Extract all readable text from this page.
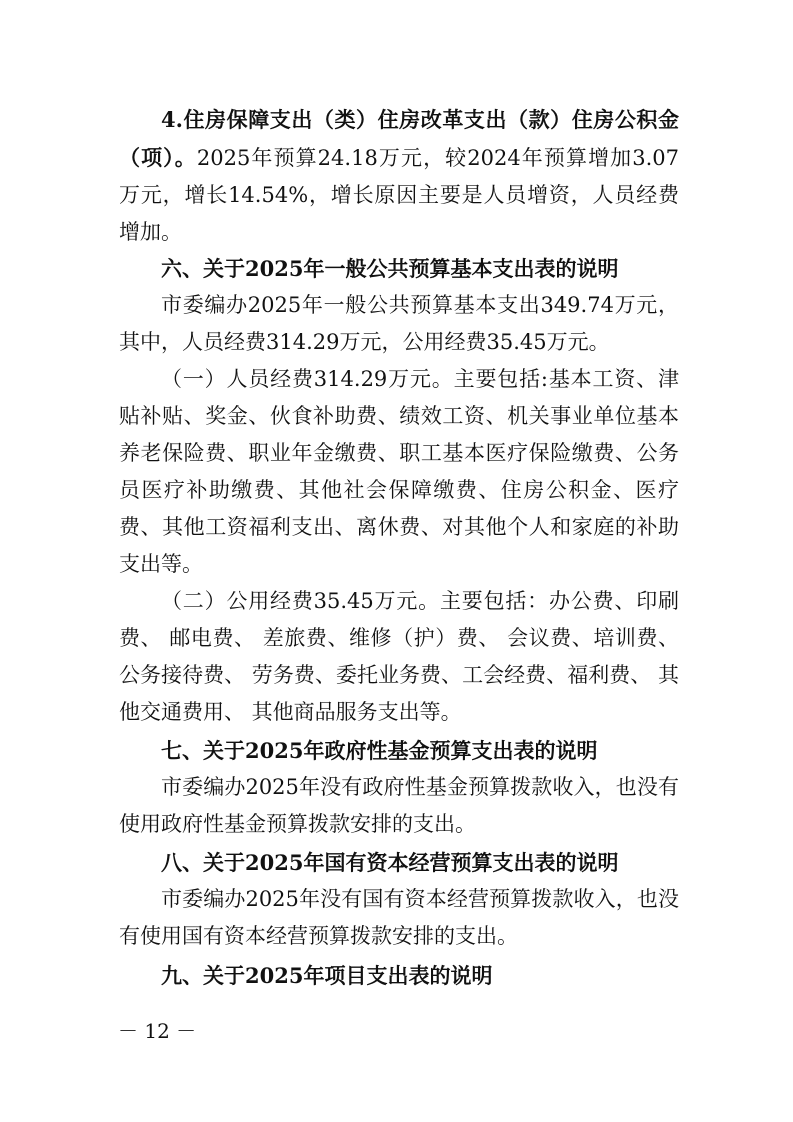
4.住房保障支出（类）住房改革支出（款）住房公积金（项）。2025年预算24.18万元，较2024年预算增加3.07万元，增长14.54%，增长原因主要是人员增资，人员经费增加。

六、关于2025年一般公共预算基本支出表的说明

市委编办2025年一般公共预算基本支出349.74万元，其中，人员经费314.29万元，公用经费35.45万元。

（一）人员经费314.29万元。主要包括:基本工资、津贴补贴、奖金、伙食补助费、绩效工资、机关事业单位基本养老保险费、职业年金缴费、职工基本医疗保险缴费、公务员医疗补助缴费、其他社会保障缴费、住房公积金、医疗费、其他工资福利支出、离休费、对其他个人和家庭的补助支出等。

（二）公用经费35.45万元。主要包括：办公费、印刷费、 邮电费、 差旅费、维修（护）费、 会议费、培训费、公务接待费、 劳务费、委托业务费、工会经费、福利费、 其他交通费用、 其他商品服务支出等。

七、关于2025年政府性基金预算支出表的说明

市委编办2025年没有政府性基金预算拨款收入，也没有使用政府性基金预算拨款安排的支出。

八、关于2025年国有资本经营预算支出表的说明

市委编办2025年没有国有资本经营预算拨款收入，也没有使用国有资本经营预算拨款安排的支出。

九、关于2025年项目支出表的说明

－ 12 －
